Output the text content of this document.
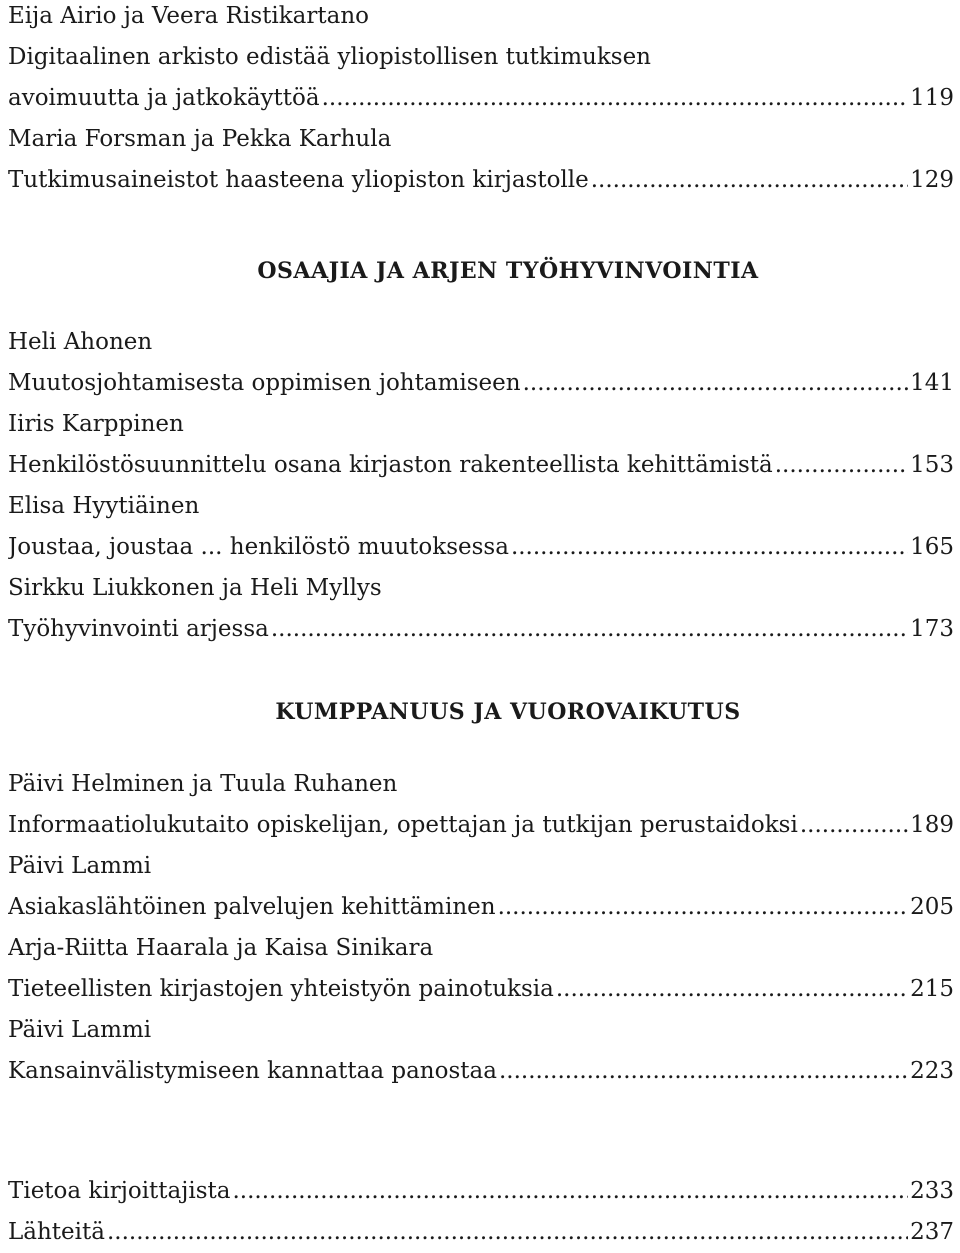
Eija Airio ja Veera Ristikartano
Digitaalinen arkisto edistää yliopistollisen tutkimuksen
avoimuutta ja jatkokäyttöä .....	119
Maria Forsman ja Pekka Karhula
Tutkimusaineistot haasteena yliopiston kirjastolle .....	129
OSAAJIA JA ARJEN TYÖHYVINVOINTIA
Heli Ahonen
Muutosjohtamisesta oppimisen johtamiseen .....	141
Iiris Karppinen
Henkilöstösuunnittelu osana kirjaston rakenteellista kehittämistä .....	153
Elisa Hyytiäinen
Joustaa, joustaa ... henkilöstö muutoksessa .....	165
Sirkku Liukkonen ja Heli Myllys
Työhyvinvointi arjessa .....	173
KUMPPANUUS JA VUOROVAIKUTUS
Päivi Helminen ja Tuula Ruhanen
Informaatiolukutaito opiskelijan, opettajan ja tutkijan perustaidoksi .....	189
Päivi Lammi
Asiakaslähtöinen palvelujen kehittäminen .....	205
Arja-Riitta Haarala ja Kaisa Sinikara
Tieteellisten kirjastojen yhteistyön painotuksia .....	215
Päivi Lammi
Kansainvälistymiseen kannattaa panostaa .....	223
Tietoa kirjoittajista .....	233
Lähteitä .....	237
